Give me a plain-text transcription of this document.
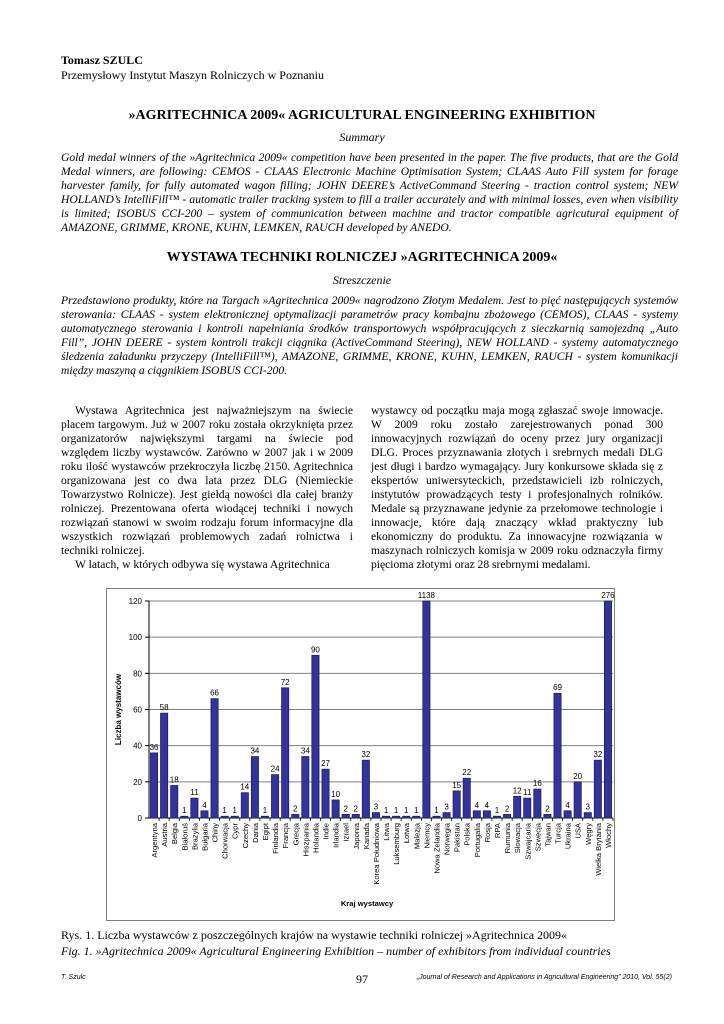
Tomasz SZULC
Przemysłowy Instytut Maszyn Rolniczych w Poznaniu
»AGRITECHNICA 2009« AGRICULTURAL ENGINEERING EXHIBITION
Summary
Gold medal winners of the »Agritechnica 2009« competition have been presented in the paper. The five products, that are the Gold Medal winners, are following: CEMOS - CLAAS Electronic Machine Optimisation System; CLAAS Auto Fill system for forage harvester family, for fully automated wagon filling; JOHN DEERE’s ActiveCommand Steering - traction control system; NEW HOLLAND’s IntelliFill™ - automatic trailer tracking system to fill a trailer accurately and with minimal losses, even when visibility is limited; ISOBUS CCI-200 – system of communication between machine and tractor compatible agricutural equipment of AMAZONE, GRIMME, KRONE, KUHN, LEMKEN, RAUCH developed by ANEDO.
WYSTAWA TECHNIKI ROLNICZEJ »AGRITECHNICA 2009«
Streszczenie
Przedstawiono produkty, które na Targach »Agritechnica 2009« nagrodzono Złotym Medalem. Jest to pięć następujących systemów sterowania: CLAAS - system elektronicznej optymalizacji parametrów pracy kombajnu zbożowego (CEMOS), CLAAS - systemy automatycznego sterowania i kontroli napełniania środków transportowych współpracujących z sieczkarnią samojezdną „Auto Fill”, JOHN DEERE - system kontroli trakcji ciągnika (ActiveCommand Steering), NEW HOLLAND - systemy automatycznego śledzenia załadunku przyczepy (IntelliFill™), AMAZONE, GRIMME, KRONE, KUHN, LEMKEN, RAUCH - system komunikacji między maszyną a ciągnikiem ISOBUS CCI-200.

Wystawa Agritechnica jest najważniejszym na świecie placem targowym. Już w 2007 roku została okrzyknięta przez organizatorów największymi targami na świecie pod względem liczby wystawców. Zarówno w 2007 jak i w 2009 roku ilość wystawców przekroczyła liczbę 2150. Agritechnica organizowana jest co dwa lata przez DLG (Niemieckie Towarzystwo Rolnicze). Jest giełdą nowości dla całej branży rolniczej. Prezentowana oferta wiodącej techniki i nowych rozwiązań stanowi w swoim rodzaju forum informacyjne dla wszystkich rozwiązań problemowych zadań rolnictwa i techniki rolniczej.

W latach, w których odbywa się wystawa Agritechnica

wystawcy od początku maja mogą zgłaszać swoje innowacje. W 2009 roku zostało zarejestrowanych ponad 300 innowacyjnych rozwiązań do oceny przez jury organizacji DLG. Proces przyznawania złotych i srebrnych medali DLG jest długi i bardzo wymagający. Jury konkursowe składa się z ekspertów uniwersyteckich, przedstawicieli izb rolniczych, instytutów prowadzących testy i profesjonalnych rolników. Medale są przyznawane jedynie za przełomowe technologie i innowacje, które dają znaczący wkład praktyczny lub ekonomiczny do produktu. Za innowacyjne rozwiązania w maszynach rolniczych komisja w 2009 roku odznaczyła firmy pięcioma złotymi oraz 28 srebrnymi medalami.

0
20
40
60
80
100
120
36
Argentyna
58
Austria
18
Belgia
1
Białoruś
11
Brazylia
4
Bułgaria
66
Chiny
1
Chorwacja
1
Cypr
14
Czechy
34
Dania
1
Egipt
24
Finlandia
72
Francja
2
Grecja
34
Hiszpania
90
Holandia
27
Indie
10
Irlandia
2
Izrael
2
Japonia
32
Kanada
3
Korea Południowa
1
Litwa
1
Luksemburg
1
Łotwa
1
Malezja
1138
Niemcy
1
Nowa Zelandia
3
Norwegia
15
Pakistan
22
Polska
4
Portugalia
4
Rosja
1
RPA
2
Rumunia
12
Słowacja
11
Szwajcaria
16
Szwecja
2
Tajwan
69
Turcja
4
Ukraina
20
USA
3
Węgry
32
Wielka Brytania
276
Włochy
Liczba wystawców
Kraj wystawcy
Rys. 1. Liczba wystawców z poszczególnych krajów na wystawie techniki rolniczej »Agritechnica 2009«
Fig. 1. »Agritechnica 2009« Agricultural Engineering Exhibition – number of exhibitors from individual countries
T. Szulc	97	„Journal of Research and Applications in Agricultural Engineering” 2010, Vol. 55(2)
